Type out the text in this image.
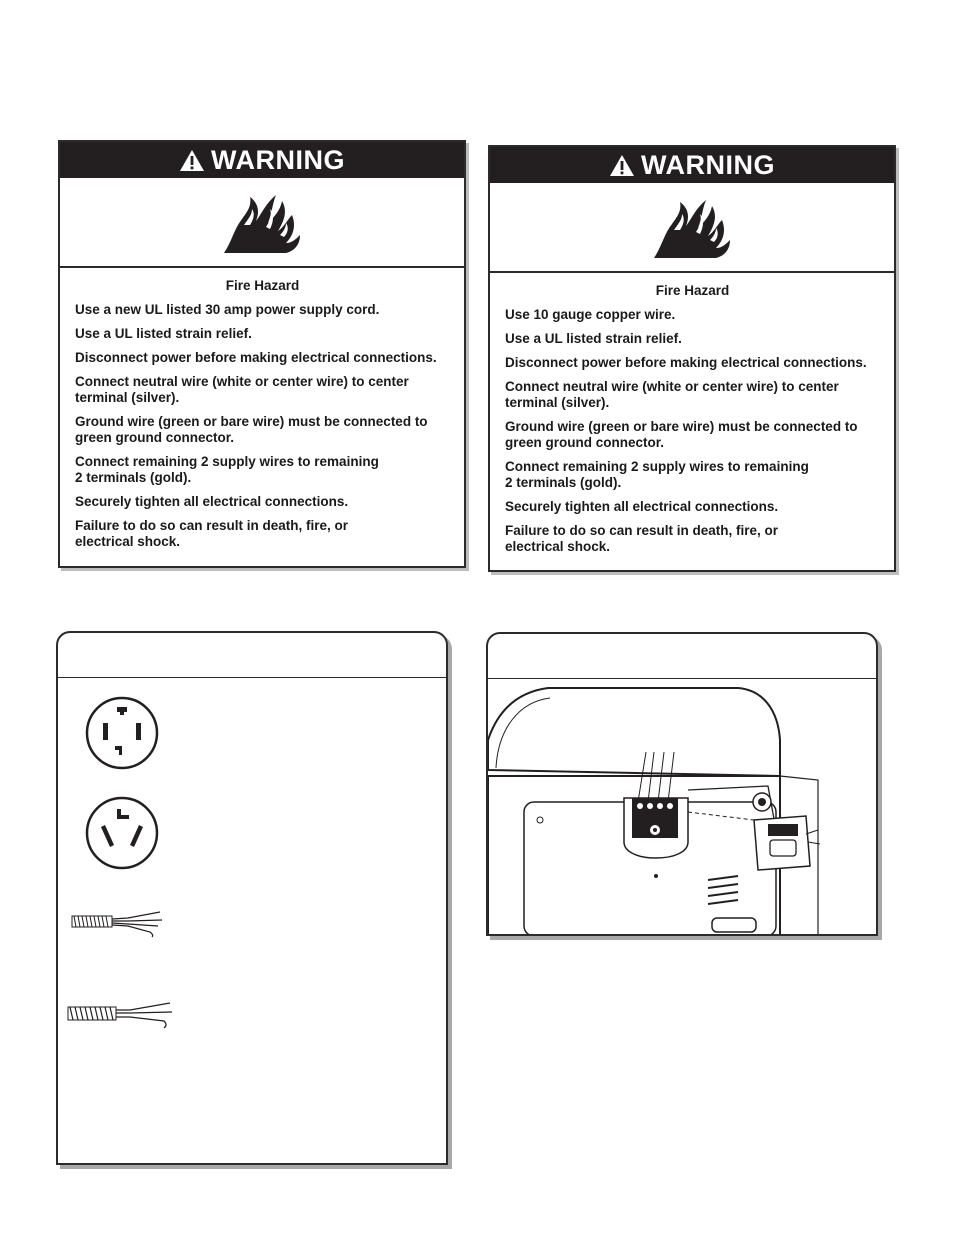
WARNING
Fire Hazard
Use a new UL listed 30 amp power supply cord.
Use a UL listed strain relief.
Disconnect power before making electrical connections.
Connect neutral wire (white or center wire) to center
terminal (silver).
Ground wire (green or bare wire) must be connected to
green ground connector.
Connect remaining 2 supply wires to remaining
2 terminals (gold).
Securely tighten all electrical connections.
Failure to do so can result in death, fire, or
electrical shock.
WARNING
Fire Hazard
Use 10 gauge copper wire.
Use a UL listed strain relief.
Disconnect power before making electrical connections.
Connect neutral wire (white or center wire) to center
terminal (silver).
Ground wire (green or bare wire) must be connected to
green ground connector.
Connect remaining 2 supply wires to remaining
2 terminals (gold).
Securely tighten all electrical connections.
Failure to do so can result in death, fire, or
electrical shock.
